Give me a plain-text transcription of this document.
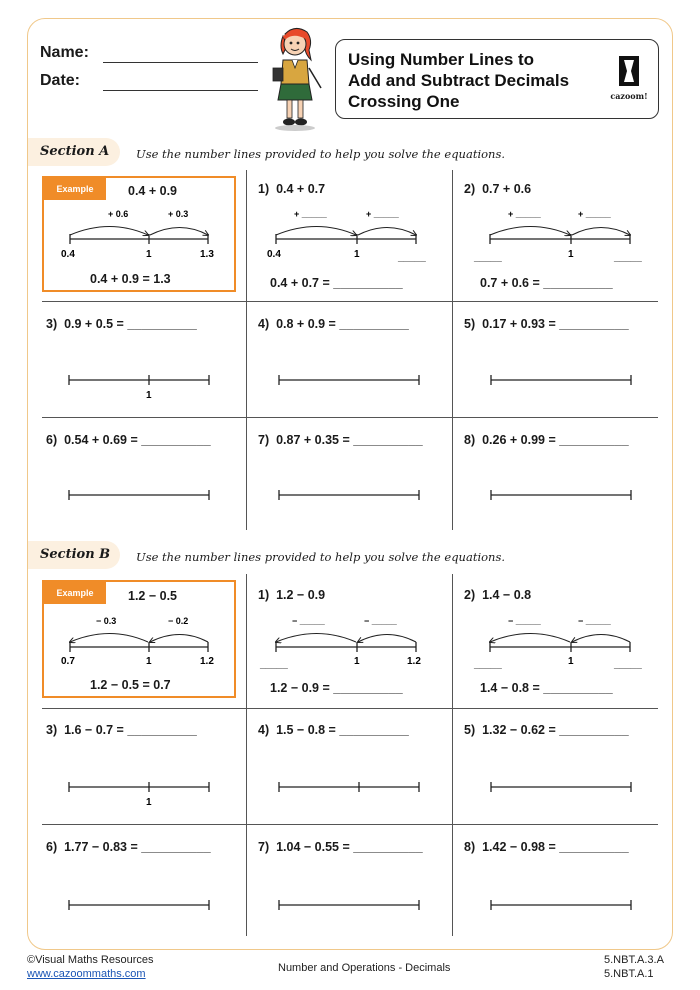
Name:
Date:
Using Number Lines to
Add and Subtract Decimals
Crossing One	cazoom!
Section A	Use the number lines provided to help you solve the equations.
Example	0.4 + 0.9
+ 0.6	+ 0.3
0.4	1	1.3
0.4 + 0.9 = 1.3
1) 0.4 + 0.7
+ _____	+ _____
0.4	1	_____
0.4 + 0.7 = __________
2) 0.7 + 0.6
+ _____	+ _____
_____	1	_____
0.7 + 0.6 = __________
3) 0.9 + 0.5 = __________
1
4) 0.8 + 0.9 = __________	5) 0.17 + 0.93 = __________
6) 0.54 + 0.69 = __________	7) 0.87 + 0.35 = __________	8) 0.26 + 0.99 = __________
Section B	Use the number lines provided to help you solve the equations.
Example	1.2 − 0.5
− 0.3	− 0.2
0.7	1	1.2
1.2 − 0.5 = 0.7
1) 1.2 − 0.9
− _____	− _____
_____	1	1.2
1.2 − 0.9 = __________
2) 1.4 − 0.8
− _____	− _____
_____	1	_____
1.4 − 0.8 = __________
3) 1.6 − 0.7 = __________
1
4) 1.5 − 0.8 = __________	5) 1.32 − 0.62 = __________
6) 1.77 − 0.83 = __________	7) 1.04 − 0.55 = __________	8) 1.42 − 0.98 = __________
©Visual Maths Resources
www.cazoommaths.com	Number and Operations - Decimals
5.NBT.A.3.A
5.NBT.A.1
